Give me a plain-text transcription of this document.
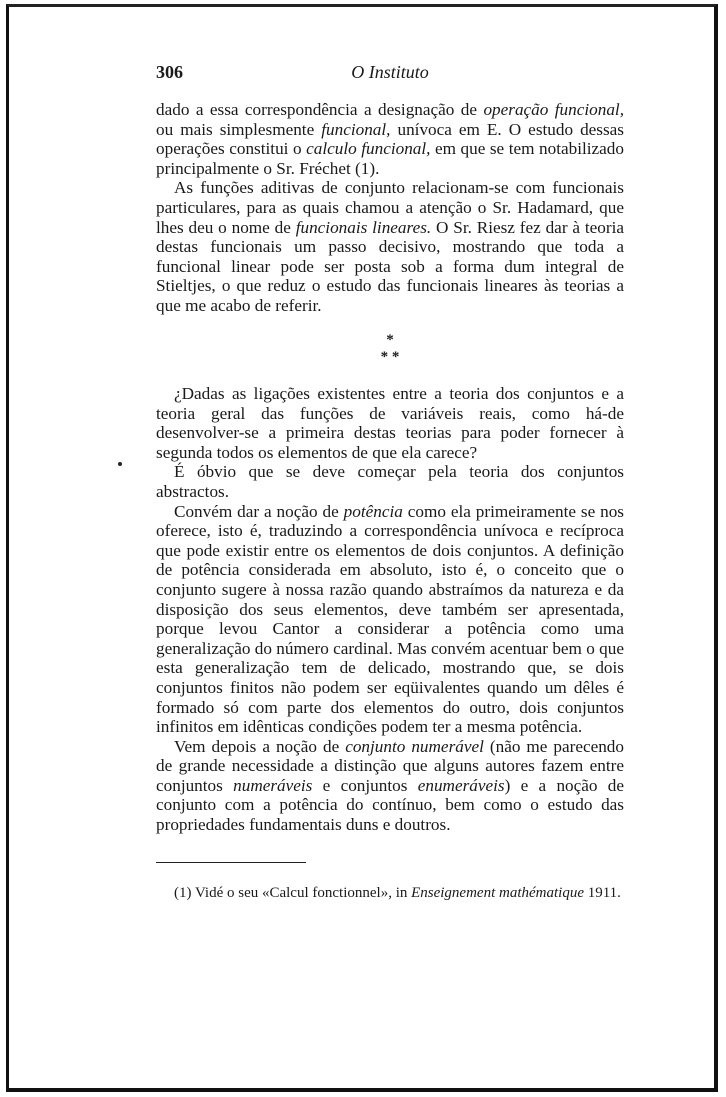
306	O Instituto

dado a essa correspondência a designação de operação funcional, ou mais simplesmente funcional, unívoca em E. O estudo dessas operações constitui o calculo funcional, em que se tem notabilizado principalmente o Sr. Fréchet (1).

As funções aditivas de conjunto relacionam-se com funcionais particulares, para as quais chamou a atenção o Sr. Hadamard, que lhes deu o nome de funcionais lineares. O Sr. Riesz fez dar à teoria destas funcionais um passo decisivo, mostrando que toda a funcional linear pode ser posta sob a forma dum integral de Stieltjes, o que reduz o estudo das funcionais lineares às teorias a que me acabo de referir.

*
* *

¿Dadas as ligações existentes entre a teoria dos conjuntos e a teoria geral das funções de variáveis reais, como há-de desenvolver-se a primeira destas teorias para poder fornecer à segunda todos os elementos de que ela carece?

É óbvio que se deve começar pela teoria dos conjuntos abstractos.

Convém dar a noção de potência como ela primeiramente se nos oferece, isto é, traduzindo a correspondência unívoca e recíproca que pode existir entre os elementos de dois conjuntos. A definição de potência considerada em absoluto, isto é, o conceito que o conjunto sugere à nossa razão quando abstraímos da natureza e da disposição dos seus elementos, deve também ser apresentada, porque levou Cantor a considerar a potência como uma generalização do número cardinal. Mas convém acentuar bem o que esta generalização tem de delicado, mostrando que, se dois conjuntos finitos não podem ser eqüivalentes quando um dêles é formado só com parte dos elementos do outro, dois conjuntos infinitos em idênticas condições podem ter a mesma potência.

Vem depois a noção de conjunto numerável (não me parecendo de grande necessidade a distinção que alguns autores fazem entre conjuntos numeráveis e conjuntos enumeráveis) e a noção de conjunto com a potência do contínuo, bem como o estudo das propriedades fundamentais duns e doutros.

(1) Vidé o seu «Calcul fonctionnel», in Enseignement mathématique 1911.
